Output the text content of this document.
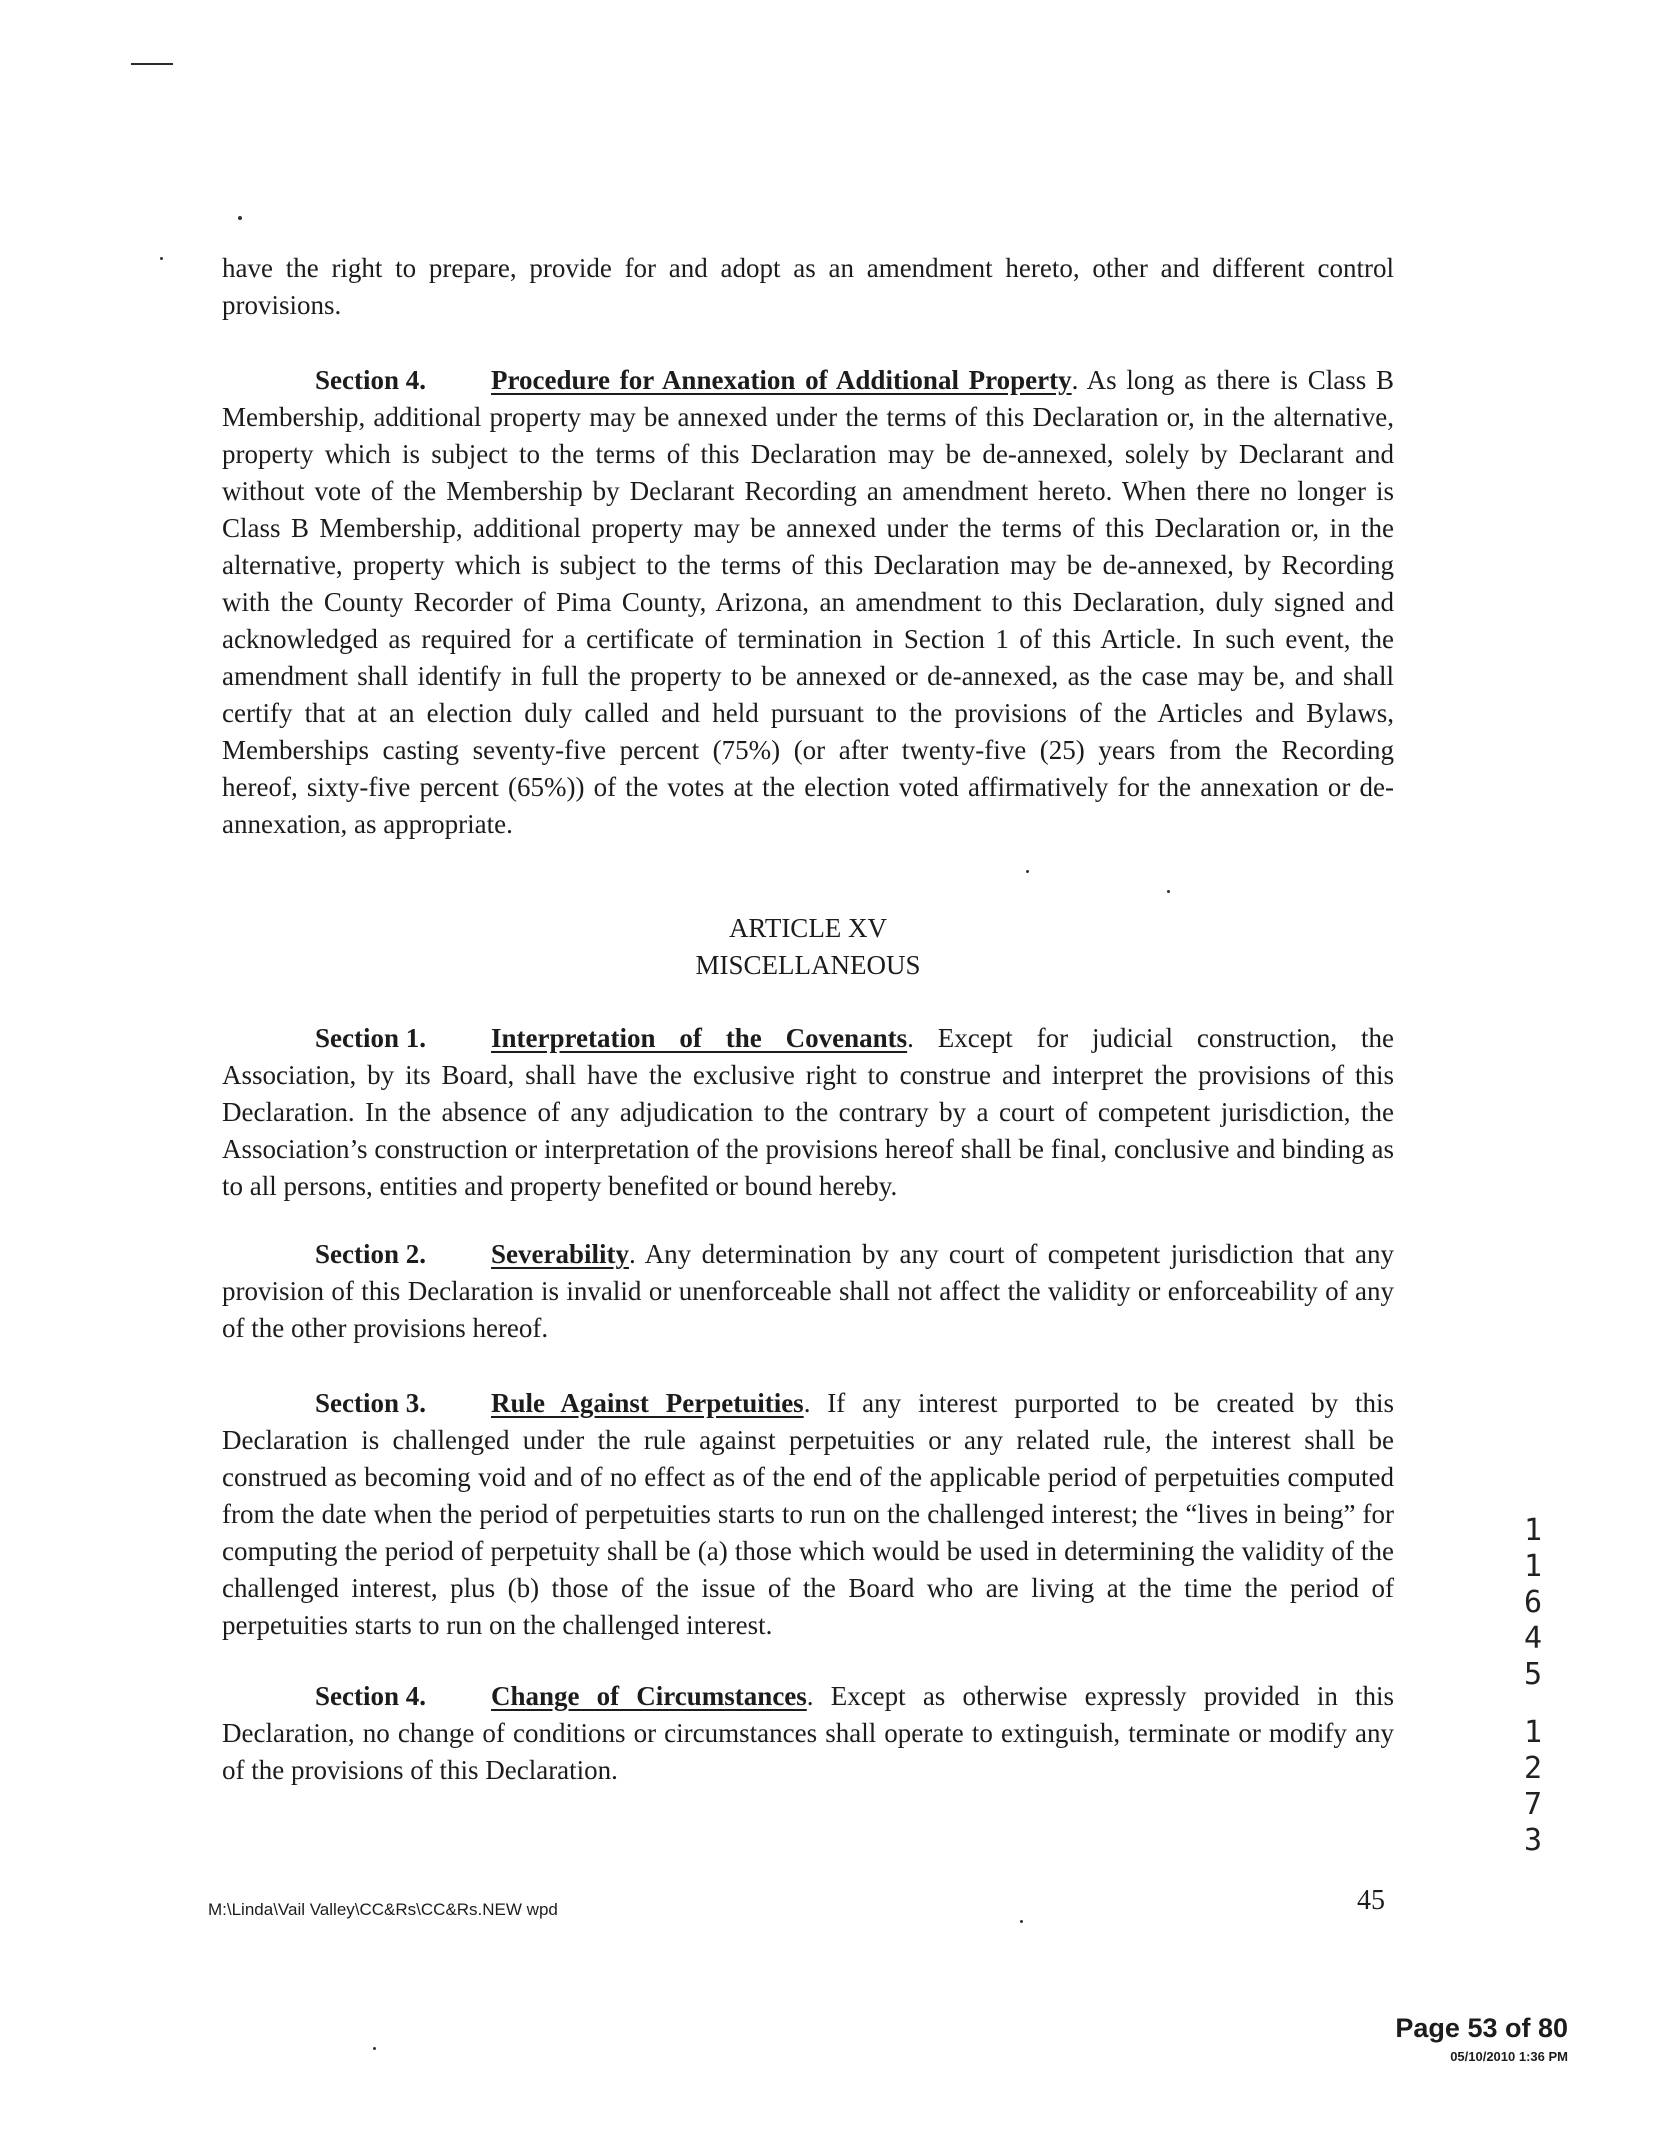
have the right to prepare, provide for and adopt as an amendment hereto, other and different control provisions.

Section 4. Procedure for Annexation of Additional Property. As long as there is Class B Membership, additional property may be annexed under the terms of this Declaration or, in the alternative, property which is subject to the terms of this Declaration may be de-annexed, solely by Declarant and without vote of the Membership by Declarant Recording an amendment hereto. When there no longer is Class B Membership, additional property may be annexed under the terms of this Declaration or, in the alternative, property which is subject to the terms of this Declaration may be de-annexed, by Recording with the County Recorder of Pima County, Arizona, an amendment to this Declaration, duly signed and acknowledged as required for a certificate of termination in Section 1 of this Article. In such event, the amendment shall identify in full the property to be annexed or de-annexed, as the case may be, and shall certify that at an election duly called and held pursuant to the provisions of the Articles and Bylaws, Memberships casting seventy-five percent (75%) (or after twenty-five (25) years from the Recording hereof, sixty-five percent (65%)) of the votes at the election voted affirmatively for the annexation or de-annexation, as appropriate.

ARTICLE XV

MISCELLANEOUS

Section 1. Interpretation of the Covenants. Except for judicial construction, the Association, by its Board, shall have the exclusive right to construe and interpret the provisions of this Declaration. In the absence of any adjudication to the contrary by a court of competent jurisdiction, the Association’s construction or interpretation of the provisions hereof shall be final, conclusive and binding as to all persons, entities and property benefited or bound hereby.

Section 2. Severability. Any determination by any court of competent jurisdiction that any provision of this Declaration is invalid or unenforceable shall not affect the validity or enforceability of any of the other provisions hereof.

Section 3. Rule Against Perpetuities. If any interest purported to be created by this Declaration is challenged under the rule against perpetuities or any related rule, the interest shall be construed as becoming void and of no effect as of the end of the applicable period of perpetuities computed from the date when the period of perpetuities starts to run on the challenged interest; the “lives in being” for computing the period of perpetuity shall be (a) those which would be used in determining the validity of the challenged interest, plus (b) those of the issue of the Board who are living at the time the period of perpetuities starts to run on the challenged interest.

Section 4. Change of Circumstances. Except as otherwise expressly provided in this Declaration, no change of conditions or circumstances shall operate to extinguish, terminate or modify any of the provisions of this Declaration.

1
1
6
4
5
1
2
7
3
M:\Linda\Vail Valley\CC&Rs\CC&Rs.NEW wpd	45
Page 53 of 80
05/10/2010 1:36 PM
